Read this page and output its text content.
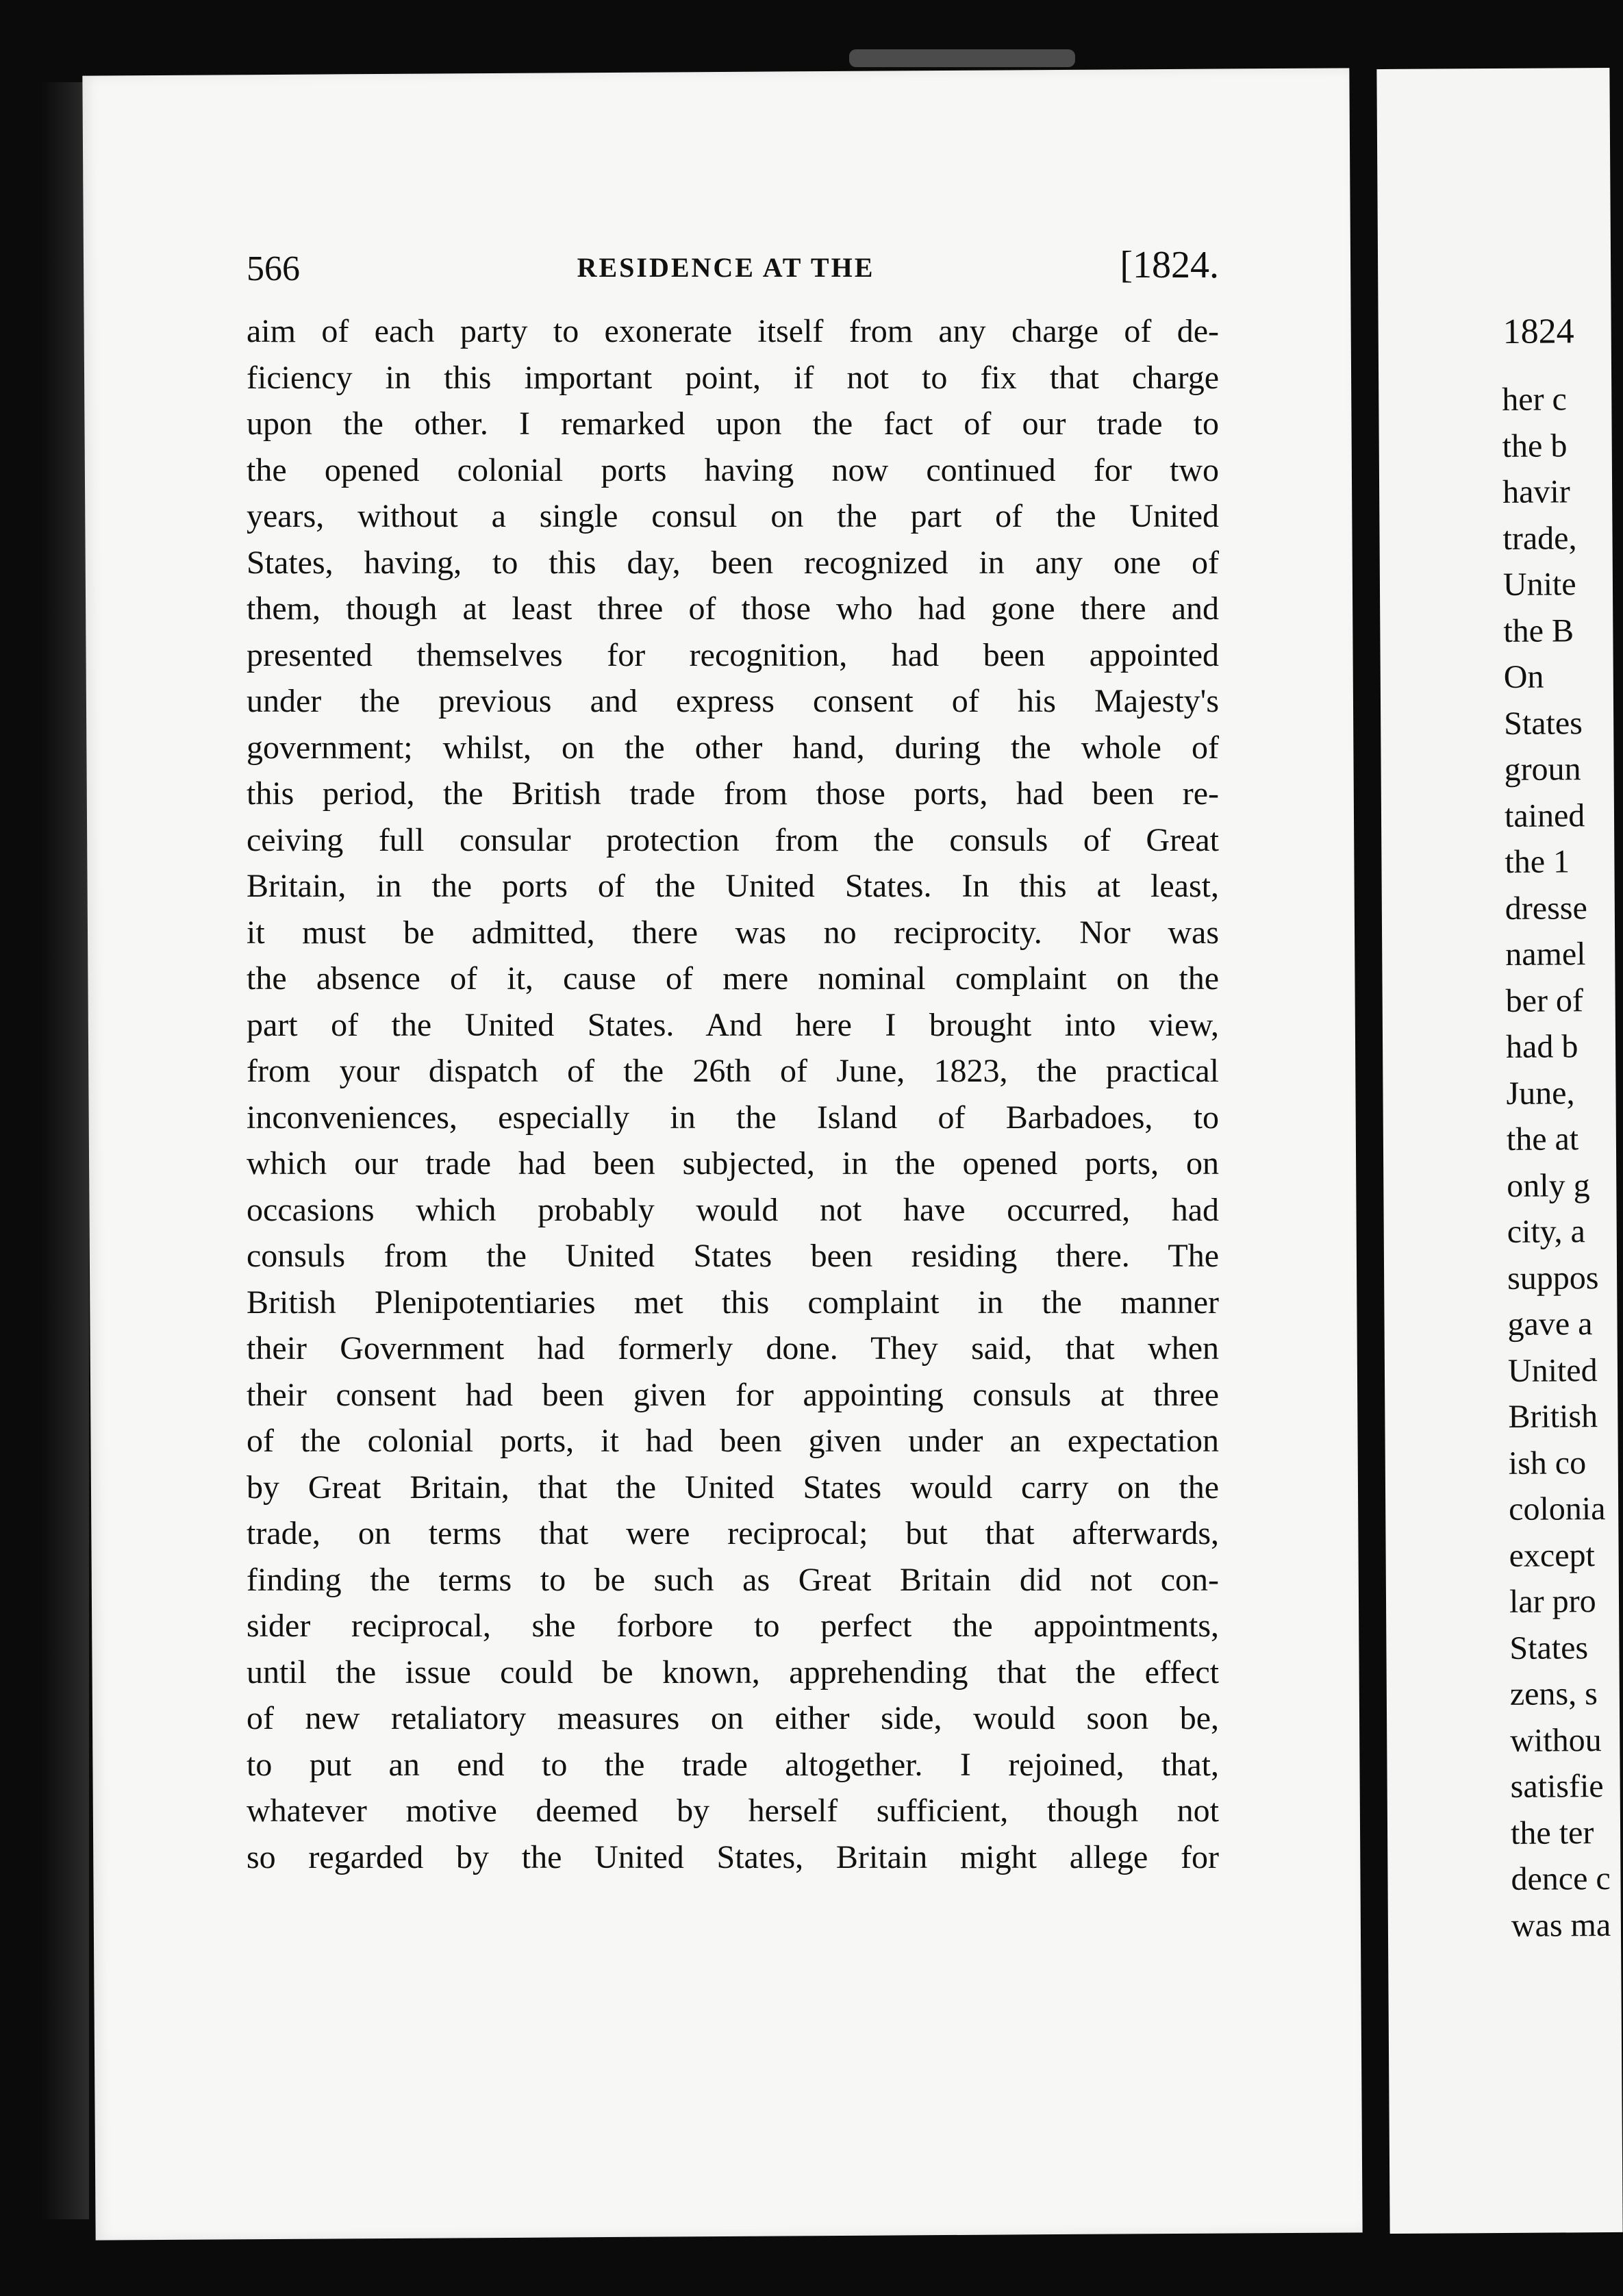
566	RESIDENCE AT THE	[1824.
aim of each party to exonerate itself from any charge of de-
ficiency in this important point, if not to fix that charge
upon the other. I remarked upon the fact of our trade to
the opened colonial ports having now continued for two
years, without a single consul on the part of the United
States, having, to this day, been recognized in any one of
them, though at least three of those who had gone there and
presented themselves for recognition, had been appointed
under the previous and express consent of his Majesty's
government; whilst, on the other hand, during the whole of
this period, the British trade from those ports, had been re-
ceiving full consular protection from the consuls of Great
Britain, in the ports of the United States. In this at least,
it must be admitted, there was no reciprocity. Nor was
the absence of it, cause of mere nominal complaint on the
part of the United States. And here I brought into view,
from your dispatch of the 26th of June, 1823, the practical
inconveniences, especially in the Island of Barbadoes, to
which our trade had been subjected, in the opened ports, on
occasions which probably would not have occurred, had
consuls from the United States been residing there. The
British Plenipotentiaries met this complaint in the manner
their Government had formerly done. They said, that when
their consent had been given for appointing consuls at three
of the colonial ports, it had been given under an expectation
by Great Britain, that the United States would carry on the
trade, on terms that were reciprocal; but that afterwards,
finding the terms to be such as Great Britain did not con-
sider reciprocal, she forbore to perfect the appointments,
until the issue could be known, apprehending that the effect
of new retaliatory measures on either side, would soon be,
to put an end to the trade altogether. I rejoined, that,
whatever motive deemed by herself sufficient, though not
so regarded by the United States, Britain might allege for
1824
her c
the b
havir
trade,
Unite
the B
On
States
groun
tained
the 1
dresse
namel
ber of
had b
June,
the at
only g
city, a
suppos
gave a
United
British
ish co
colonia
except
lar pro
States
zens, s
withou
satisfie
the ter
dence c
was ma
